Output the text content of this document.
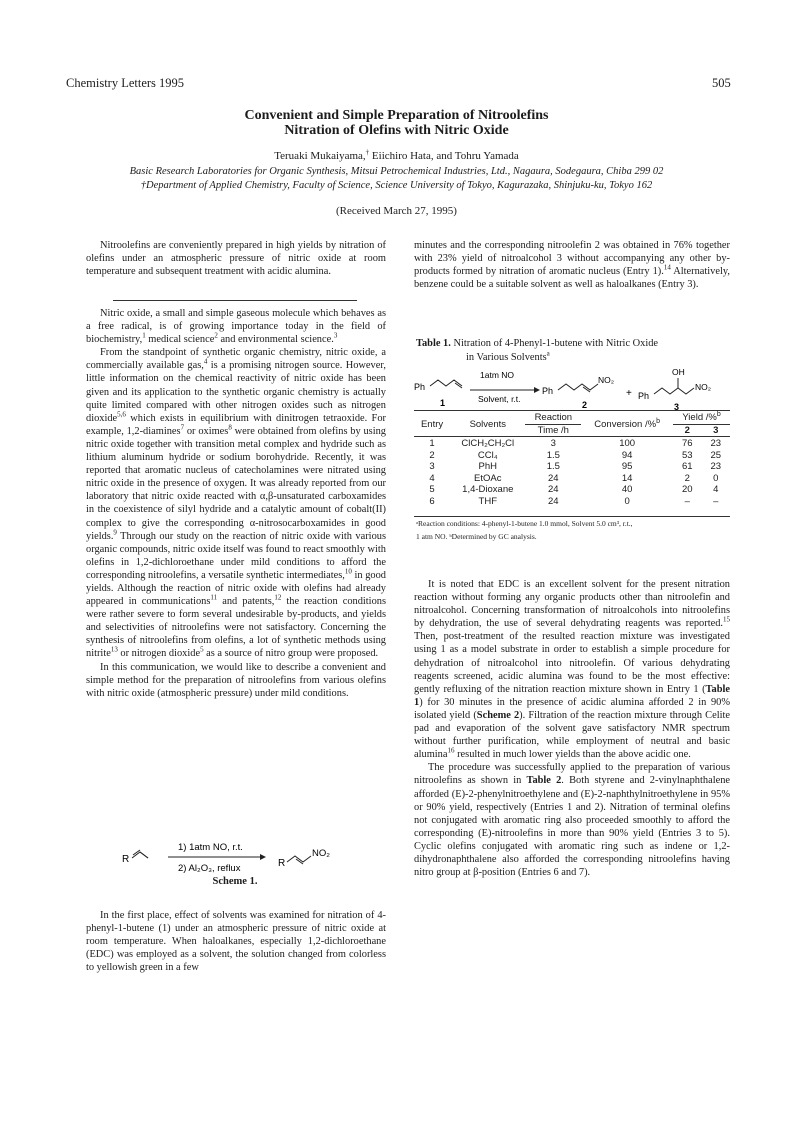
Chemistry Letters 1995	505
Convenient and Simple Preparation of Nitroolefins
Nitration of Olefins with Nitric Oxide
Teruaki Mukaiyama,† Eiichiro Hata, and Tohru Yamada
Basic Research Laboratories for Organic Synthesis, Mitsui Petrochemical Industries, Ltd., Nagaura, Sodegaura, Chiba 299 02
†Department of Applied Chemistry, Faculty of Science, Science University of Tokyo, Kagurazaka, Shinjuku-ku, Tokyo 162
(Received March 27, 1995)

Nitroolefins are conveniently prepared in high yields by nitration of olefins under an atmospheric pressure of nitric oxide at room temperature and subsequent treatment with acidic alumina.

Nitric oxide, a small and simple gaseous molecule which behaves as a free radical, is of growing importance today in the field of biochemistry,$^1$ medical science$^2$ and environmental science.$^3$

From the standpoint of synthetic organic chemistry, nitric oxide, a commercially available gas,$^4$ is a promising nitrogen source. However, little information on the chemical reactivity of nitric oxide has been given and its application to the synthetic organic chemistry is actually quite limited compared with other nitrogen oxides such as nitrogen dioxide$^{5,6}$ which exists in equilibrium with dinitrogen tetraoxide. For example, 1,2-diamines$^7$ or oximes$^8$ were obtained from olefins by using nitric oxide together with transition metal complex and hydride such as lithium aluminum hydride or sodium borohydride. Recently, it was reported that aromatic nucleus of catecholamines were nitrated using nitric oxide in the presence of oxygen. It was already reported from our laboratory that nitric oxide reacted with α,β-unsaturated carboxamides in the coexistence of silyl hydride and a catalytic amount of cobalt(II) complex to give the corresponding α-nitrosocarboxamides in good yields.$^9$ Through our study on the reaction of nitric oxide with various organic compounds, nitric oxide itself was found to react smoothly with olefins in 1,2-dichloroethane under mild conditions to afford the corresponding nitroolefins, a versatile synthetic intermediates,$^{10}$ in good yields. Although the reaction of nitric oxide with olefins had already appeared in communications$^{11}$ and patents,$^{12}$ the reaction conditions were rather severe to form several undesirable by-products, and yields and selectivities of nitroolefins were not satisfactory. Concerning the synthesis of nitroolefins from olefins, a lot of synthetic methods using nitrite$^{13}$ or nitrogen dioxide$^5$ as a source of nitro group were proposed.

In this communication, we would like to describe a convenient and simple method for the preparation of nitroolefins from various olefins with nitric oxide (atmospheric pressure) under mild conditions.

R
1) 1atm NO, r.t.
2) Al₂O₃, reflux	R
NO₂
Scheme 1.

In the first place, effect of solvents was examined for nitration of 4-phenyl-1-butene (1) under an atmospheric pressure of nitric oxide at room temperature. When haloalkanes, especially 1,2-dichloroethane (EDC) was employed as a solvent, the solution changed from colorless to yellowish green in a few

minutes and the corresponding nitroolefin 2 was obtained in 76% together with 23% yield of nitroalcohol 3 without accompanying any other by-products formed by nitration of aromatic nucleus (Entry 1).$^{14}$ Alternatively, benzene could be a suitable solvent as well as haloalkanes (Entry 3).

Table 1. Nitration of 4-Phenyl-1-butene with Nitric Oxide
in Various Solvents$^a$
Ph
1
1atm NO
Solvent, r.t.
Ph
NO₂
2
+ Ph
OH
NO₂
3
Entry	Solvents	Reaction	Conversion /%$^b$	Yield /%$^b$
		Time /h		2	3

1	ClCH₂CH₂Cl	3	100	76	23
2	CCl₄	1.5	94	53	25
3	PhH	1.5	95	61	23
4	EtOAc	24	14	2	0
5	1,4-Dioxane	24	40	20	4
6	THF	24	0	–	–
ᵃReaction conditions: 4-phenyl-1-butene 1.0 mmol, Solvent 5.0 cm³, r.t.,
1 atm NO. ᵇDetermined by GC analysis.

It is noted that EDC is an excellent solvent for the present nitration reaction without forming any organic products other than nitroolefin and nitroalcohol. Concerning transformation of nitroalcohols into nitroolefins by dehydration, the use of several dehydrating reagents was reported.$^{15}$ Then, post-treatment of the resulted reaction mixture was investigated using 1 as a model substrate in order to establish a simple procedure for dehydration of nitroalcohol into nitroolefin. Of various dehydrating reagents screened, acidic alumina was found to be the most effective: gently refluxing of the nitration reaction mixture shown in Entry 1 (Table 1) for 30 minutes in the presence of acidic alumina afforded 2 in 90% isolated yield (Scheme 2). Filtration of the reaction mixture through Celite pad and evaporation of the solvent gave satisfactory NMR spectrum without further purification, while employment of neutral and basic alumina$^{16}$ resulted in much lower yields than the above acidic one.

The procedure was successfully applied to the preparation of various nitroolefins as shown in Table 2. Both styrene and 2-vinylnaphthalene afforded (E)-2-phenylnitroethylene and (E)-2-naphthylnitroethylene in 95% or 90% yield, respectively (Entries 1 and 2). Nitration of terminal olefins not conjugated with aromatic ring also proceeded smoothly to afford the corresponding (E)-nitroolefins in more than 90% yield (Entries 3 to 5). Cyclic olefins conjugated with aromatic ring such as indene or 1,2-dihydronaphthalene also afforded the corresponding nitroolefins having nitro group at β-position (Entries 6 and 7).
